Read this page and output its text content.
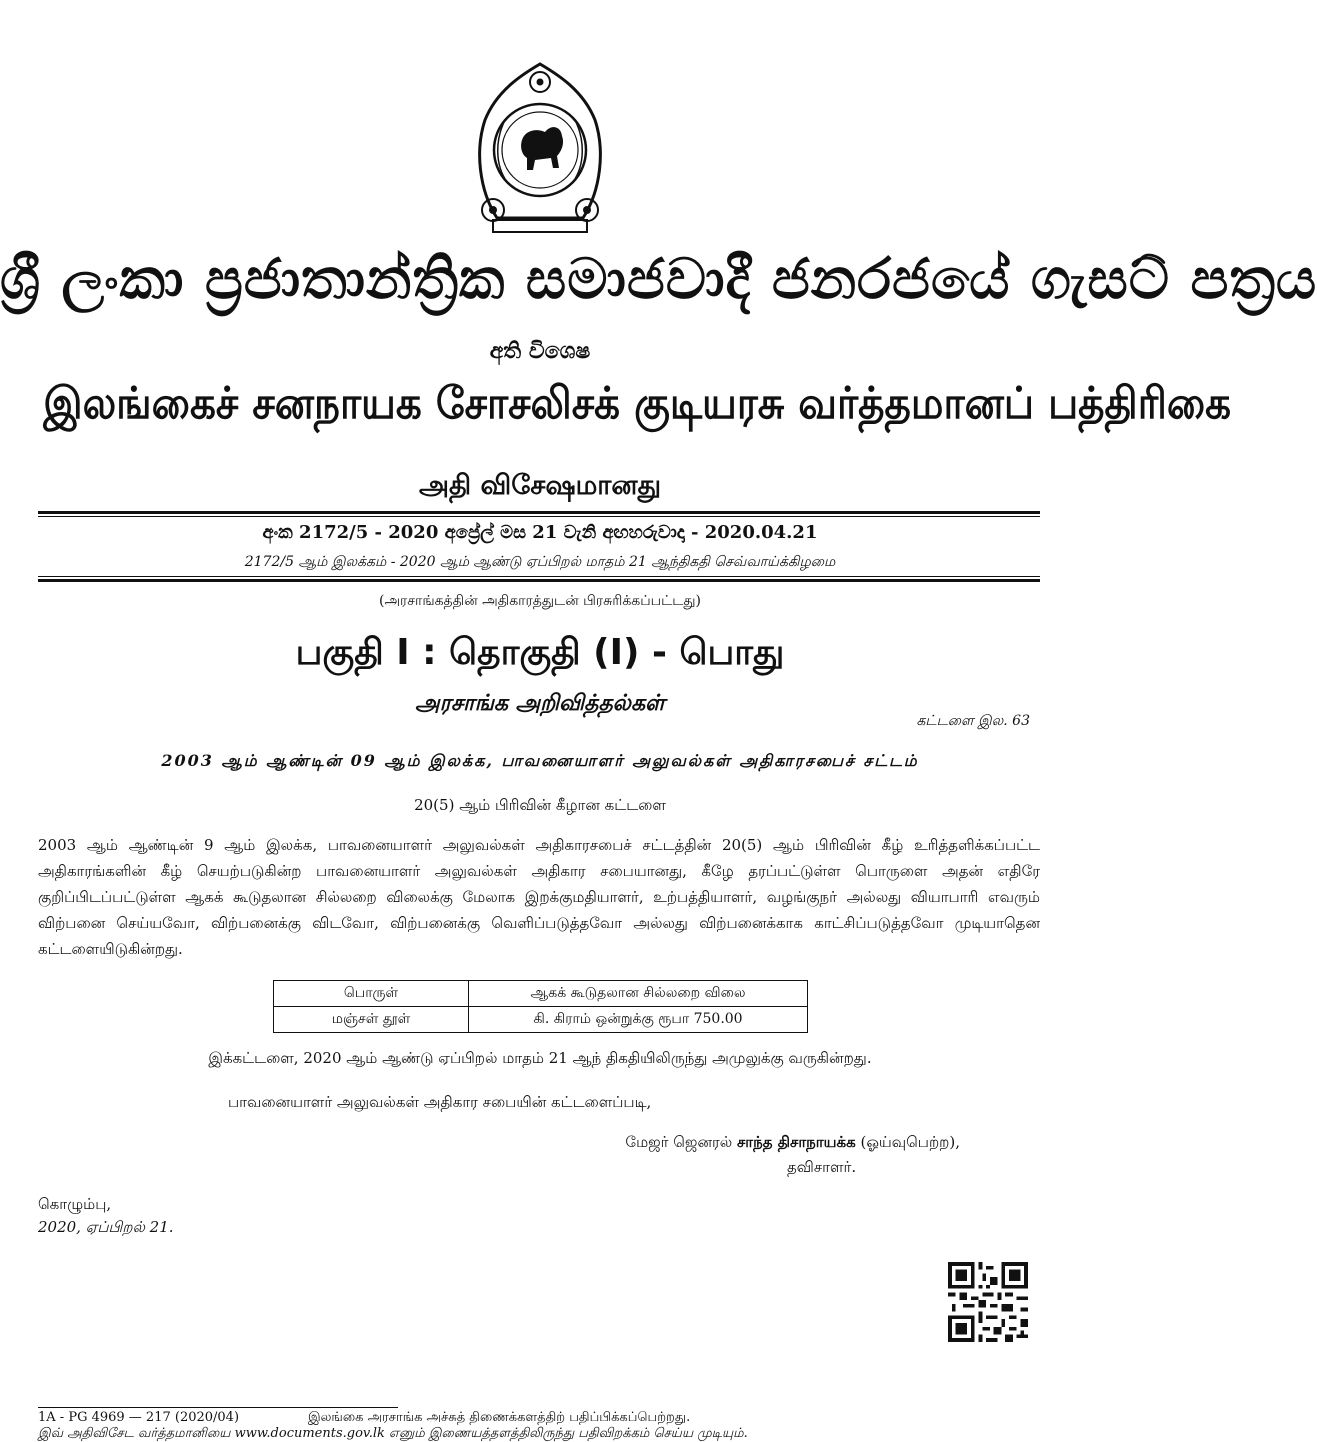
ශ්‍රී ලංකා ප්‍රජාතාන්ත්‍රික සමාජවාදී ජනරජයේ ගැසට් පත්‍රය
අති විශෙෂ
இலங்கைச் சனநாயக சோசலிசக் குடியரசு வர்த்தமானப் பத்திரிகை
அதி விசேஷமானது
අංක 2172/5 - 2020 අප්‍රේල් මස 21 වැනි අඟහරුවාදා - 2020.04.21
2172/5 ஆம் இலக்கம் - 2020 ஆம் ஆண்டு ஏப்பிறல் மாதம் 21 ஆந்திகதி செவ்வாய்க்கிழமை
(அரசாங்கத்தின் அதிகாரத்துடன் பிரசுரிக்கப்பட்டது)
பகுதி I : தொகுதி (I) - பொது
அரசாங்க அறிவித்தல்கள்
கட்டளை இல. 63
2003 ஆம் ஆண்டின் 09 ஆம் இலக்க, பாவனையாளர் அலுவல்கள் அதிகாரசபைச் சட்டம்
20(5) ஆம் பிரிவின் கீழான கட்டளை
2003 ஆம் ஆண்டின் 9 ஆம் இலக்க, பாவனையாளர் அலுவல்கள் அதிகாரசபைச் சட்டத்தின் 20(5) ஆம் பிரிவின் கீழ் உரித்தளிக்கப்பட்ட அதிகாரங்களின் கீழ் செயற்படுகின்ற பாவனையாளர் அலுவல்கள் அதிகார சபையானது, கீழே தரப்பட்டுள்ள பொருளை அதன் எதிரே குறிப்பிடப்பட்டுள்ள ஆகக் கூடுதலான சில்லறை விலைக்கு மேலாக இறக்குமதியாளர், உற்பத்தியாளர், வழங்குநர் அல்லது வியாபாரி எவரும் விற்பனை செய்யவோ, விற்பனைக்கு விடவோ, விற்பனைக்கு வெளிப்படுத்தவோ அல்லது விற்பனைக்காக காட்சிப்படுத்தவோ முடியாதென கட்டளையிடுகின்றது.
பொருள்	ஆகக் கூடுதலான சில்லறை விலை
மஞ்சள் தூள்	கி. கிராம் ஒன்றுக்கு ரூபா 750.00
இக்கட்டளை, 2020 ஆம் ஆண்டு ஏப்பிறல் மாதம் 21 ஆந் திகதியிலிருந்து அமுலுக்கு வருகின்றது.
பாவனையாளர் அலுவல்கள் அதிகார சபையின் கட்டளைப்படி,
மேஜர் ஜெனரல் சாந்த திசாநாயக்க (ஓய்வுபெற்ற),
தவிசாளர்.
கொழும்பு,
2020, ஏப்பிறல் 21.
1A - PG 4969 — 217 (2020/04)	இலங்கை அரசாங்க அச்சுத் திணைக்களத்திற் பதிப்பிக்கப்பெற்றது.
இவ் அதிவிசேட வர்த்தமானியை www.documents.gov.lk எனும் இணையத்தளத்திலிருந்து பதிவிறக்கம் செய்ய முடியும்.
